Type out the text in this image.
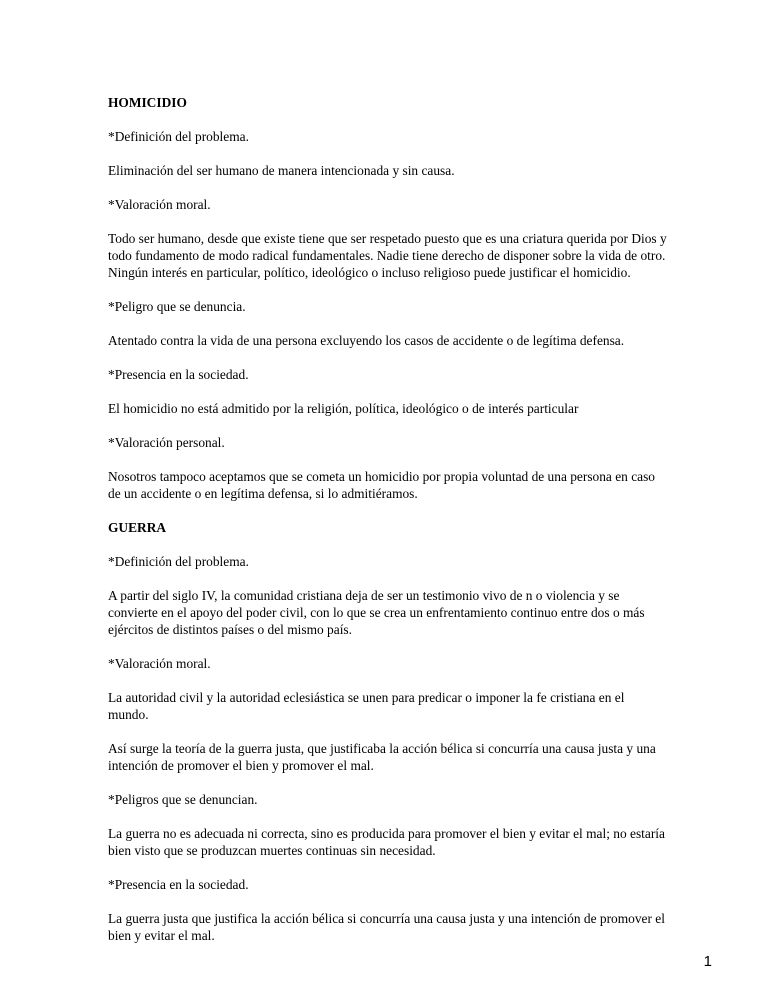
HOMICIDIO

*Definición del problema.

Eliminación del ser humano de manera intencionada y sin causa.

*Valoración moral.

Todo ser humano, desde que existe tiene que ser respetado puesto que es una criatura querida por Dios y todo fundamento de modo radical fundamentales. Nadie tiene derecho de disponer sobre la vida de otro. Ningún interés en particular, político, ideológico o incluso religioso puede justificar el homicidio.

*Peligro que se denuncia.

Atentado contra la vida de una persona excluyendo los casos de accidente o de legítima defensa.

*Presencia en la sociedad.

El homicidio no está admitido por la religión, política, ideológico o de interés particular

*Valoración personal.

Nosotros tampoco aceptamos que se cometa un homicidio por propia voluntad de una persona en caso de un accidente o en legítima defensa, si lo admitiéramos.

GUERRA

*Definición del problema.

A partir del siglo IV, la comunidad cristiana deja de ser un testimonio vivo de n o violencia y se convierte en el apoyo del poder civil, con lo que se crea un enfrentamiento continuo entre dos o más ejércitos de distintos países o del mismo país.

*Valoración moral.

La autoridad civil y la autoridad eclesiástica se unen para predicar o imponer la fe cristiana en el mundo.

Así surge la teoría de la guerra justa, que justificaba la acción bélica si concurría una causa justa y una intención de promover el bien y promover el mal.

*Peligros que se denuncian.

La guerra no es adecuada ni correcta, sino es producida para promover el bien y evitar el mal; no estaría bien visto que se produzcan muertes continuas sin necesidad.

*Presencia en la sociedad.

La guerra justa que justifica la acción bélica si concurría una causa justa y una intención de promover el bien y evitar el mal.

1
